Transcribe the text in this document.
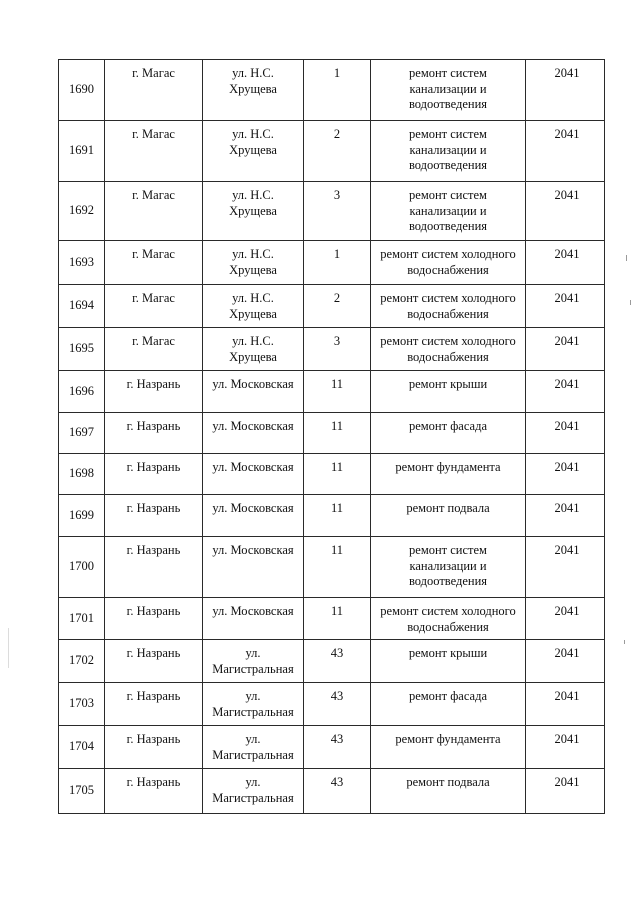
1690	г. Магас	ул. Н.С.
Хрущева	1	ремонт систем
канализации и
водоотведения	2041

1691	г. Магас	ул. Н.С.
Хрущева	2	ремонт систем
канализации и
водоотведения	2041

1692	г. Магас	ул. Н.С.
Хрущева	3	ремонт систем
канализации и
водоотведения	2041

1693	г. Магас	ул. Н.С.
Хрущева	1	ремонт систем холодного
водоснабжения	2041

1694	г. Магас	ул. Н.С.
Хрущева	2	ремонт систем холодного
водоснабжения	2041

1695	г. Магас	ул. Н.С.
Хрущева	3	ремонт систем холодного
водоснабжения	2041

1696	г. Назрань	ул. Московская	11	ремонт крыши	2041

1697	г. Назрань	ул. Московская	11	ремонт фасада	2041

1698	г. Назрань	ул. Московская	11	ремонт фундамента	2041

1699	г. Назрань	ул. Московская	11	ремонт подвала	2041

1700	г. Назрань	ул. Московская	11	ремонт систем
канализации и
водоотведения	2041

1701	г. Назрань	ул. Московская	11	ремонт систем холодного
водоснабжения	2041

1702	г. Назрань	ул.
Магистральная	43	ремонт крыши	2041

1703	г. Назрань	ул.
Магистральная	43	ремонт фасада	2041

1704	г. Назрань	ул.
Магистральная	43	ремонт фундамента	2041

1705	г. Назрань	ул.
Магистральная	43	ремонт подвала	2041
